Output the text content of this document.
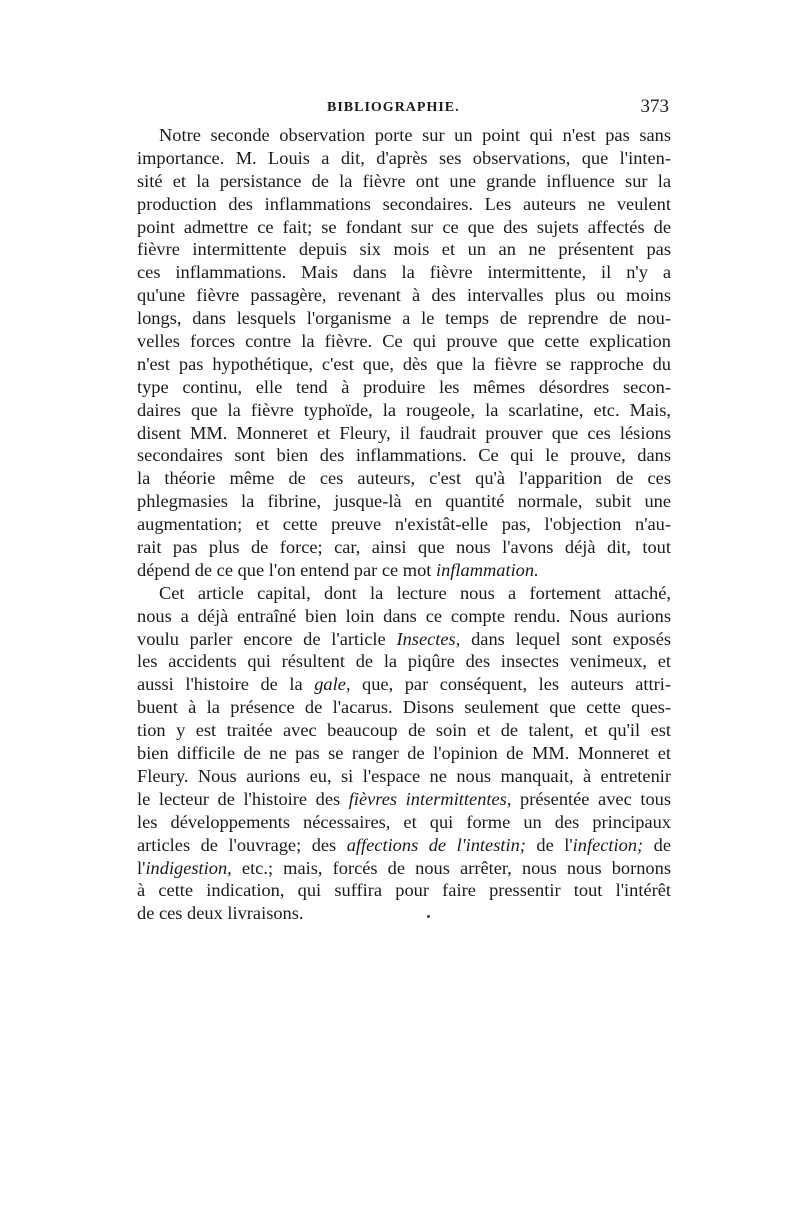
BIBLIOGRAPHIE.	373
Notre seconde observation porte sur un point qui n'est pas sans
importance. M. Louis a dit, d'après ses observations, que l'inten-
sité et la persistance de la fièvre ont une grande influence sur la
production des inflammations secondaires. Les auteurs ne veulent
point admettre ce fait; se fondant sur ce que des sujets affectés de
fièvre intermittente depuis six mois et un an ne présentent pas
ces inflammations. Mais dans la fièvre intermittente, il n'y a
qu'une fièvre passagère, revenant à des intervalles plus ou moins
longs, dans lesquels l'organisme a le temps de reprendre de nou-
velles forces contre la fièvre. Ce qui prouve que cette explication
n'est pas hypothétique, c'est que, dès que la fièvre se rapproche du
type continu, elle tend à produire les mêmes désordres secon-
daires que la fièvre typhoïde, la rougeole, la scarlatine, etc. Mais,
disent MM. Monneret et Fleury, il faudrait prouver que ces lésions
secondaires sont bien des inflammations. Ce qui le prouve, dans
la théorie même de ces auteurs, c'est qu'à l'apparition de ces
phlegmasies la fibrine, jusque-là en quantité normale, subit une
augmentation; et cette preuve n'existât-elle pas, l'objection n'au-
rait pas plus de force; car, ainsi que nous l'avons déjà dit, tout
dépend de ce que l'on entend par ce mot inflammation.
Cet article capital, dont la lecture nous a fortement attaché,
nous a déjà entraîné bien loin dans ce compte rendu. Nous aurions
voulu parler encore de l'article Insectes, dans lequel sont exposés
les accidents qui résultent de la piqûre des insectes venimeux, et
aussi l'histoire de la gale, que, par conséquent, les auteurs attri-
buent à la présence de l'acarus. Disons seulement que cette ques-
tion y est traitée avec beaucoup de soin et de talent, et qu'il est
bien difficile de ne pas se ranger de l'opinion de MM. Monneret et
Fleury. Nous aurions eu, si l'espace ne nous manquait, à entretenir
le lecteur de l'histoire des fièvres intermittentes, présentée avec tous
les développements nécessaires, et qui forme un des principaux
articles de l'ouvrage; des affections de l'intestin; de l'infection; de
l'indigestion, etc.; mais, forcés de nous arrêter, nous nous bornons
à cette indication, qui suffira pour faire pressentir tout l'intérêt
de ces deux livraisons.
